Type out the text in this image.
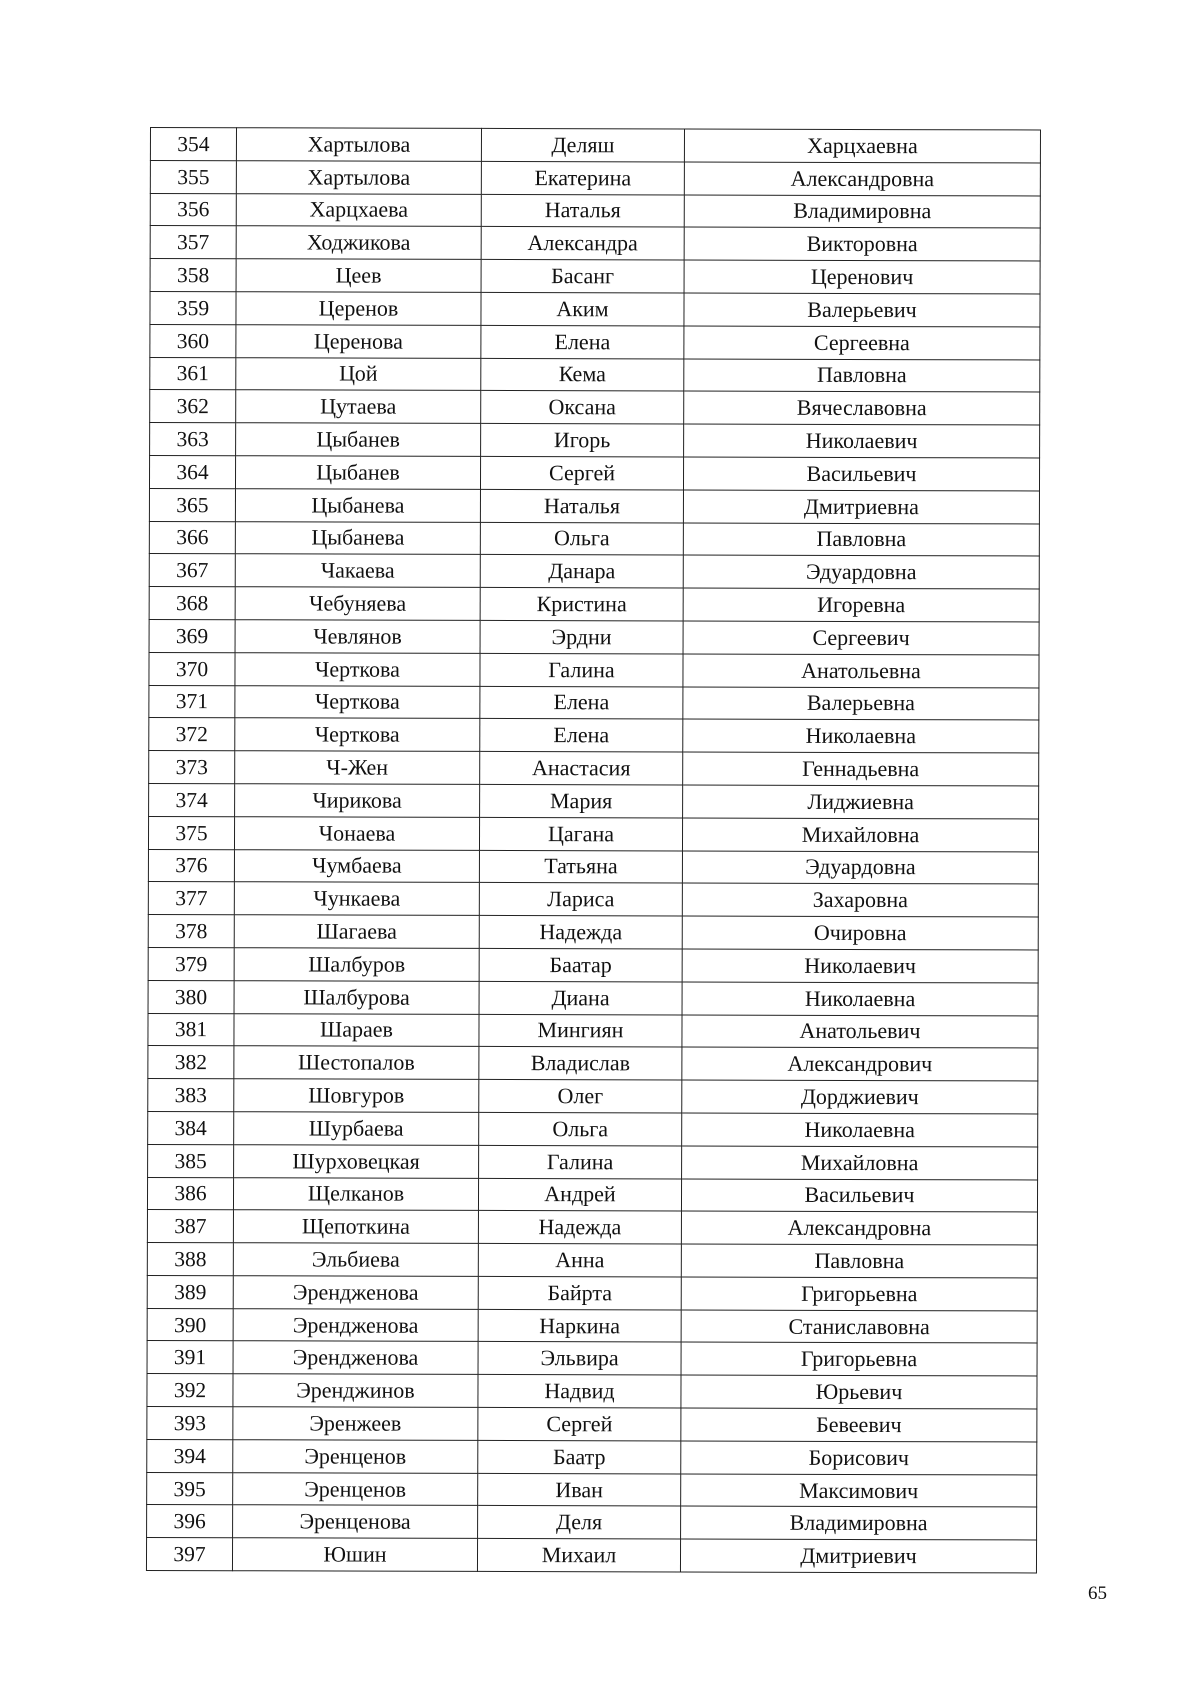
354	Хартылова	Деляш	Харцхаевна
355	Хартылова	Екатерина	Александровна
356	Харцхаева	Наталья	Владимировна
357	Ходжикова	Александра	Викторовна
358	Цеев	Басанг	Церенович
359	Церенов	Аким	Валерьевич
360	Церенова	Елена	Сергеевна
361	Цой	Кема	Павловна
362	Цутаева	Оксана	Вячеславовна
363	Цыбанев	Игорь	Николаевич
364	Цыбанев	Сергей	Васильевич
365	Цыбанева	Наталья	Дмитриевна
366	Цыбанева	Ольга	Павловна
367	Чакаева	Данара	Эдуардовна
368	Чебуняева	Кристина	Игоревна
369	Чевлянов	Эрдни	Сергеевич
370	Черткова	Галина	Анатольевна
371	Черткова	Елена	Валерьевна
372	Черткова	Елена	Николаевна
373	Ч-Жен	Анастасия	Геннадьевна
374	Чирикова	Мария	Лиджиевна
375	Чонаева	Цагана	Михайловна
376	Чумбаева	Татьяна	Эдуардовна
377	Чункаева	Лариса	Захаровна
378	Шагаева	Надежда	Очировна
379	Шалбуров	Баатар	Николаевич
380	Шалбурова	Диана	Николаевна
381	Шараев	Мингиян	Анатольевич
382	Шестопалов	Владислав	Александрович
383	Шовгуров	Олег	Дорджиевич
384	Шурбаева	Ольга	Николаевна
385	Шурховецкая	Галина	Михайловна
386	Щелканов	Андрей	Васильевич
387	Щепоткина	Надежда	Александровна
388	Эльбиева	Анна	Павловна
389	Эрендженова	Байрта	Григорьевна
390	Эрендженова	Наркина	Станиславовна
391	Эрендженова	Эльвира	Григорьевна
392	Эренджинов	Надвид	Юрьевич
393	Эренжеев	Сергей	Бевеевич
394	Эренценов	Баатр	Борисович
395	Эренценов	Иван	Максимович
396	Эренценова	Деля	Владимировна
397	Юшин	Михаил	Дмитриевич
65
